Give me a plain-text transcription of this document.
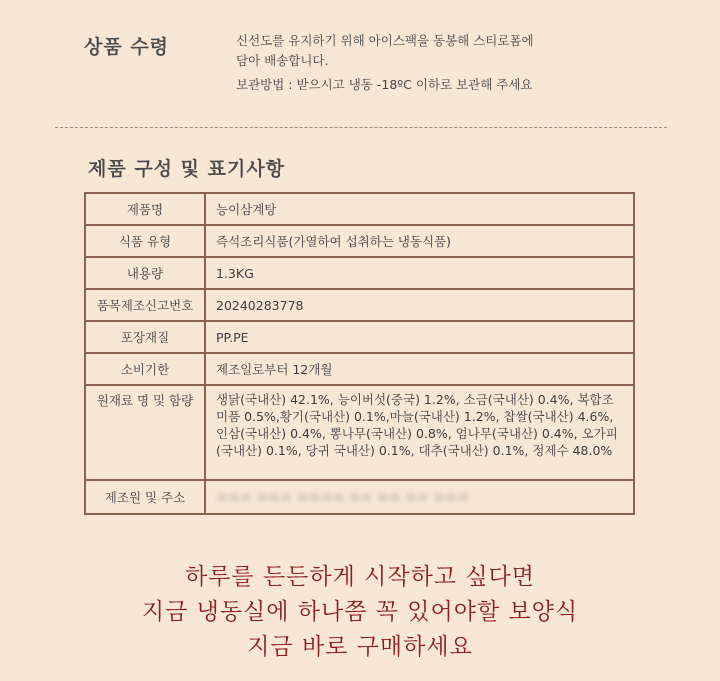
상품 수령	신선도를 유지하기 위해 아이스팩을 동봉해 스티로폼에

담아 배송합니다.

보관방법 : 받으시고 냉동 -18ºC 이하로 보관해 주세요

제품 구성 및 표기사항
제품명	능이삼계탕
식품 유형	즉석조리식품(가열하여 섭취하는 냉동식품)
내용량	1.3KG
품목제조신고번호	20240283778
포장재질	PP.PE
소비기한	제조일로부터 12개월
원재료 명 및 함량	생닭(국내산) 42.1%, 능이버섯(중국) 1.2%, 소금(국내산) 0.4%, 복합조미품 0.5%,황기(국내산) 0.1%,마늘(국내산) 1.2%, 찹쌀(국내산) 4.6%, 인삼(국내산) 0.4%, 뽕나무(국내산) 0.8%, 엄나무(국내산) 0.4%, 오가피(국내산) 0.1%, 당귀 국내산) 0.1%, 대추(국내산) 0.1%, 정제수 48.0%
제조원 및 주소	ㅇㅇㅇ ㅇㅇㅇ ㅇㅇㅇㅇ ㅇㅇ ㅇㅇ ㅇㅇ ㅇㅇㅇ
하루를 든든하게 시작하고 싶다면
지금 냉동실에 하나쯤 꼭 있어야할 보양식
지금 바로 구매하세요
